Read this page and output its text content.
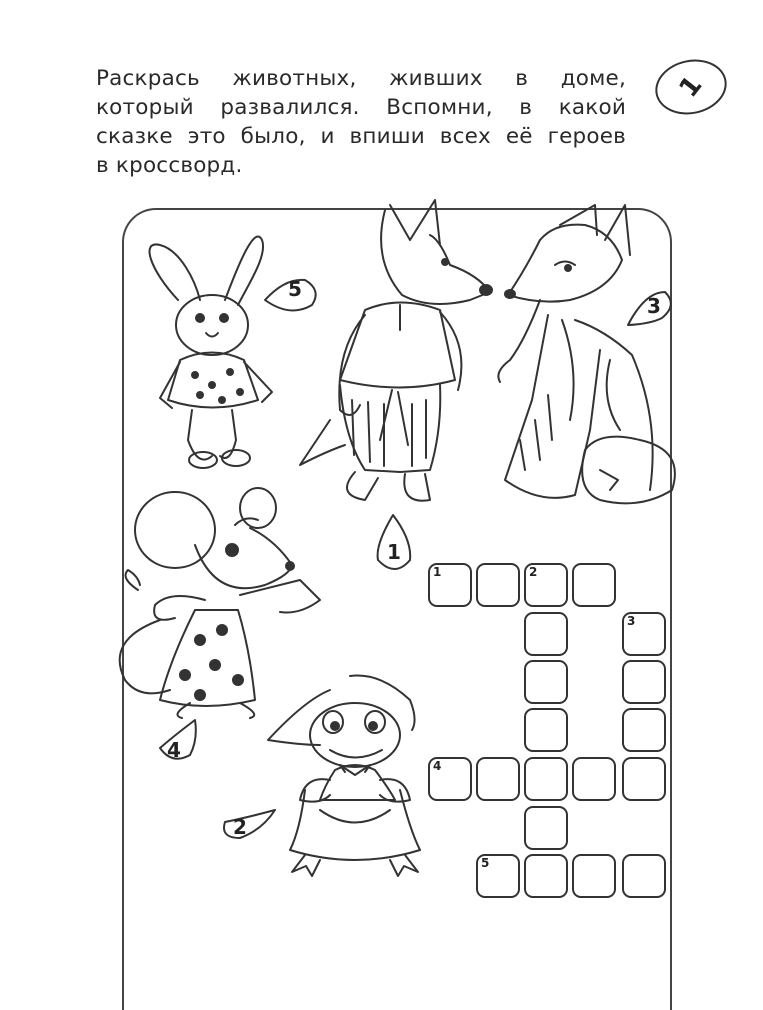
Раскрась животных, живших в доме,
который развалился. Вспомни, в какой
сказке это было, и впиши всех её героев
в кроссворд.
1
5
3
1
4
2
1	2
3
4
5
